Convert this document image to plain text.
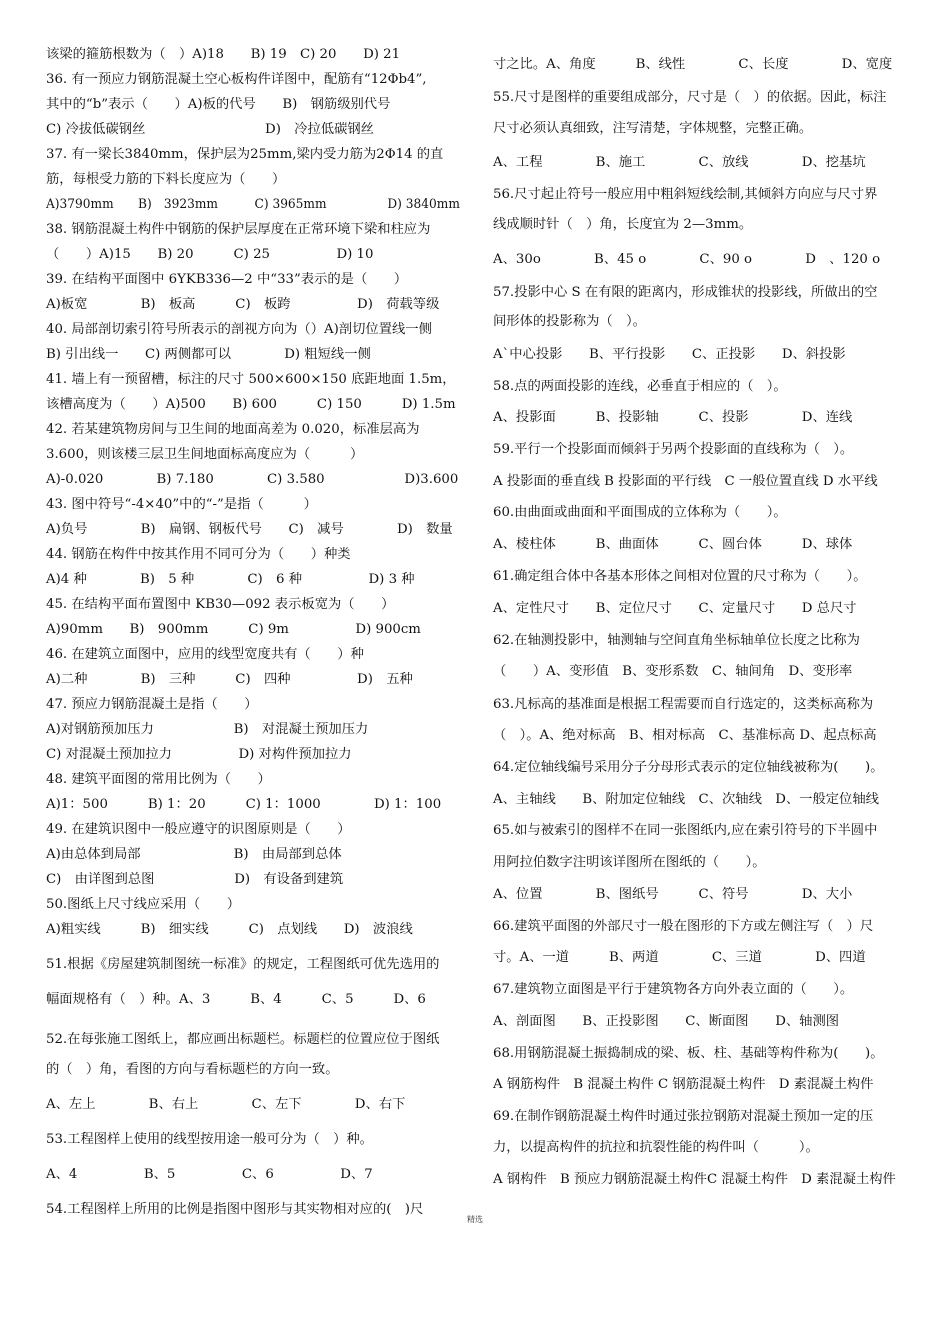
该梁的箍筋根数为（　）A)18　　B) 19　C) 20　　D) 21
36. 有一预应力钢筋混凝土空心板构件详图中，配筋有“12Φb4”,
其中的“b”表示（　　）A)板的代号　　B)　钢筋级别代号
C) 冷拔低碳钢丝　　　　　　　　　D)　冷拉低碳钢丝
37. 有一梁长3840mm，保护层为25mm,梁内受力筋为2Φ14 的直
筋，每根受力筋的下料长度应为（　　）
A)3790mm　　B)　3923mm　　　C) 3965mm　　　　　D) 3840mm
38. 钢筋混凝土构件中钢筋的保护层厚度在正常环境下梁和柱应为
（　　）A)15　　B) 20　　　C) 25　　　　　D) 10
39. 在结构平面图中 6YKB336—2 中“33”表示的是（　　）
A)板宽　　　　B)　板高　　　C)　板跨　　　　　D)　荷载等级
40. 局部剖切索引符号所表示的剖视方向为（）A)剖切位置线一侧
B) 引出线一　　C) 两侧都可以　　　　D) 粗短线一侧
41. 墙上有一预留槽，标注的尺寸 500×600×150 底距地面 1.5m，
该槽高度为（　　）A)500　　B) 600　　　C) 150　　　D) 1.5m
42. 若某建筑物房间与卫生间的地面高差为 0.020，标准层高为
3.600，则该楼三层卫生间地面标高度应为（　　　）
A)-0.020　　　　B) 7.180　　　　C) 3.580　　　　　　D)3.600
43. 图中符号“-4×40”中的“-”是指（　　　）
A)负号　　　　B)　扁钢、钢板代号　　C)　减号　　　　D)　数量
44. 钢筋在构件中按其作用不同可分为（　　）种类
A)4 种　　　　B)　5 种　　　　C)　6 种　　　　　D) 3 种
45. 在结构平面布置图中 KB30—092 表示板宽为（　　）
A)90mm　　B)　900mm　　　C) 9m　　　　　D) 900cm
46. 在建筑立面图中，应用的线型宽度共有（　　）种
A)二种　　　　B)　三种　　　C)　四种　　　　　D)　五种
47. 预应力钢筋混凝土是指（　　）
A)对钢筋预加压力　　　　　　B)　对混凝土预加压力
C) 对混凝土预加拉力　　　　　D) 对构件预加拉力
48. 建筑平面图的常用比例为（　　）
A)1：500　　　B) 1：20　　　C) 1：1000　　　　D) 1：100
49. 在建筑识图中一般应遵守的识图原则是（　　）
A)由总体到局部　　　　　　　B)　由局部到总体
C)　由详图到总图　　　　　　D)　有设备到建筑
50.图纸上尺寸线应采用（　　）
A)粗实线　　　B)　细实线　　　C)　点划线　　D)　波浪线
51.根据《房屋建筑制图统一标准》的规定，工程图纸可优先选用的
幅面规格有（　）种。A、3　　　B、4　　　C、5　　　D、6
52.在每张施工图纸上，都应画出标题栏。标题栏的位置应位于图纸
的（　）角，看图的方向与看标题栏的方向一致。
A、左上　　　　B、右上　　　　C、左下　　　　D、右下
53.工程图样上使用的线型按用途一般可分为（　）种。
A、4　　　　　B、5　　　　　C、6　　　　　D、7
54.工程图样上所用的比例是指图中图形与其实物相对应的(　)尺
寸之比。A、角度　　　B、线性　　　　C、长度　　　　D、宽度
55.尺寸是图样的重要组成部分，尺寸是（　）的依据。因此，标注
尺寸必须认真细致，注写清楚，字体规整，完整正确。
A、工程　　　　B、施工　　　　C、放线　　　　D、挖基坑
56.尺寸起止符号一般应用中粗斜短线绘制,其倾斜方向应与尺寸界
线成顺时针（　）角，长度宜为 2—3mm。
A、30o　　　　B、45 o　　　　C、90 o　　　　D　、120 o
57.投影中心 S 在有限的距离内，形成锥状的投影线，所做出的空
间形体的投影称为（　）。
A`中心投影　　B、平行投影　　C、正投影　　D、斜投影
58.点的两面投影的连线，必垂直于相应的（　）。
A、投影面　　　B、投影轴　　　C、投影　　　　D、连线
59.平行一个投影面而倾斜于另两个投影面的直线称为（　）。
A 投影面的垂直线 B 投影面的平行线　C 一般位置直线 D 水平线
60.由曲面或曲面和平面围成的立体称为（　　）。
A、棱柱体　　　B、曲面体　　　C、圆台体　　　D、球体
61.确定组合体中各基本形体之间相对位置的尺寸称为（　　）。
A、定性尺寸　　B、定位尺寸　　C、定量尺寸　　D 总尺寸
62.在轴测投影中，轴测轴与空间直角坐标轴单位长度之比称为
（　　）A、变形值　B、变形系数　C、轴间角　D、变形率
63.凡标高的基准面是根据工程需要而自行选定的，这类标高称为
（　）。A、绝对标高　B、相对标高　C、基准标高 D、起点标高
64.定位轴线编号采用分子分母形式表示的定位轴线被称为(　　)。
A、主轴线　　B、附加定位轴线　C、次轴线　D、一般定位轴线
65.如与被索引的图样不在同一张图纸内,应在索引符号的下半圆中
用阿拉伯数字注明该详图所在图纸的（　　）。
A、位置　　　　B、图纸号　　　C、符号　　　　D、大小
66.建筑平面图的外部尺寸一般在图形的下方或左侧注写（　）尺
寸。A、一道　　　B、两道　　　　C、三道　　　　D、四道
67.建筑物立面图是平行于建筑物各方向外表立面的（　　）。
A、剖面图　　B、正投影图　　C、断面图　　D、轴测图
68.用钢筋混凝土振捣制成的梁、板、柱、基础等构件称为(　　)。
A 钢筋构件　B 混凝土构件 C 钢筋混凝土构件　D 素混凝土构件
69.在制作钢筋混凝土构件时通过张拉钢筋对混凝土预加一定的压
力，以提高构件的抗拉和抗裂性能的构件叫（　　　）。
A 钢构件　B 预应力钢筋混凝土构件C 混凝土构件　D 素混凝土构件
精选
